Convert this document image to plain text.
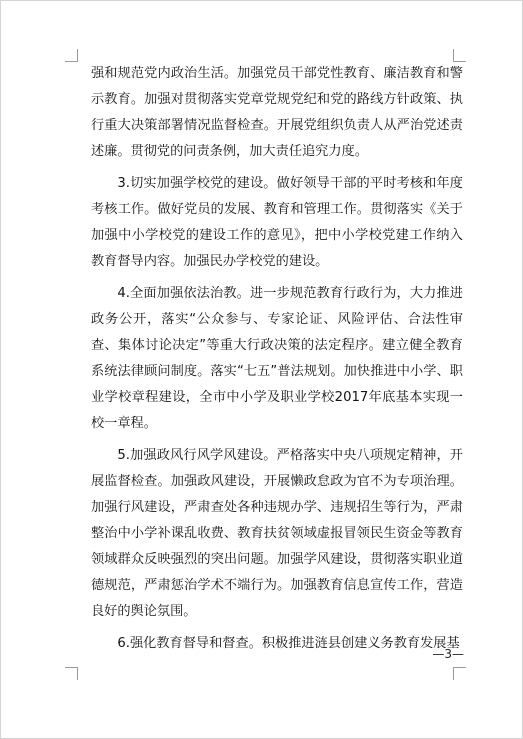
强和规范党内政治生活。加强党员干部党性教育、廉洁教育和警示教育。加强对贯彻落实党章党规党纪和党的路线方针政策、执行重大决策部署情况监督检查。开展党组织负责人从严治党述责述廉。贯彻党的问责条例，加大责任追究力度。

3.切实加强学校党的建设。做好领导干部的平时考核和年度考核工作。做好党员的发展、教育和管理工作。贯彻落实《关于加强中小学校党的建设工作的意见》，把中小学校党建工作纳入教育督导内容。加强民办学校党的建设。

4.全面加强依法治教。进一步规范教育行政行为，大力推进政务公开，落实“公众参与、专家论证、风险评估、合法性审查、集体讨论决定”等重大行政决策的法定程序。建立健全教育系统法律顾问制度。落实“七五”普法规划。加快推进中小学、职业学校章程建设，全市中小学及职业学校2017年底基本实现一校一章程。

5.加强政风行风学风建设。严格落实中央八项规定精神，开展监督检查。加强政风建设，开展懒政怠政为官不为专项治理。加强行风建设，严肃查处各种违规办学、违规招生等行为，严肃整治中小学补课乱收费、教育扶贫领域虚报冒领民生资金等教育领域群众反映强烈的突出问题。加强学风建设，贯彻落实职业道德规范，严肃惩治学术不端行为。加强教育信息宣传工作，营造良好的舆论氛围。

6.强化教育督导和督查。积极推进涟县创建义务教育发展基

—3—
